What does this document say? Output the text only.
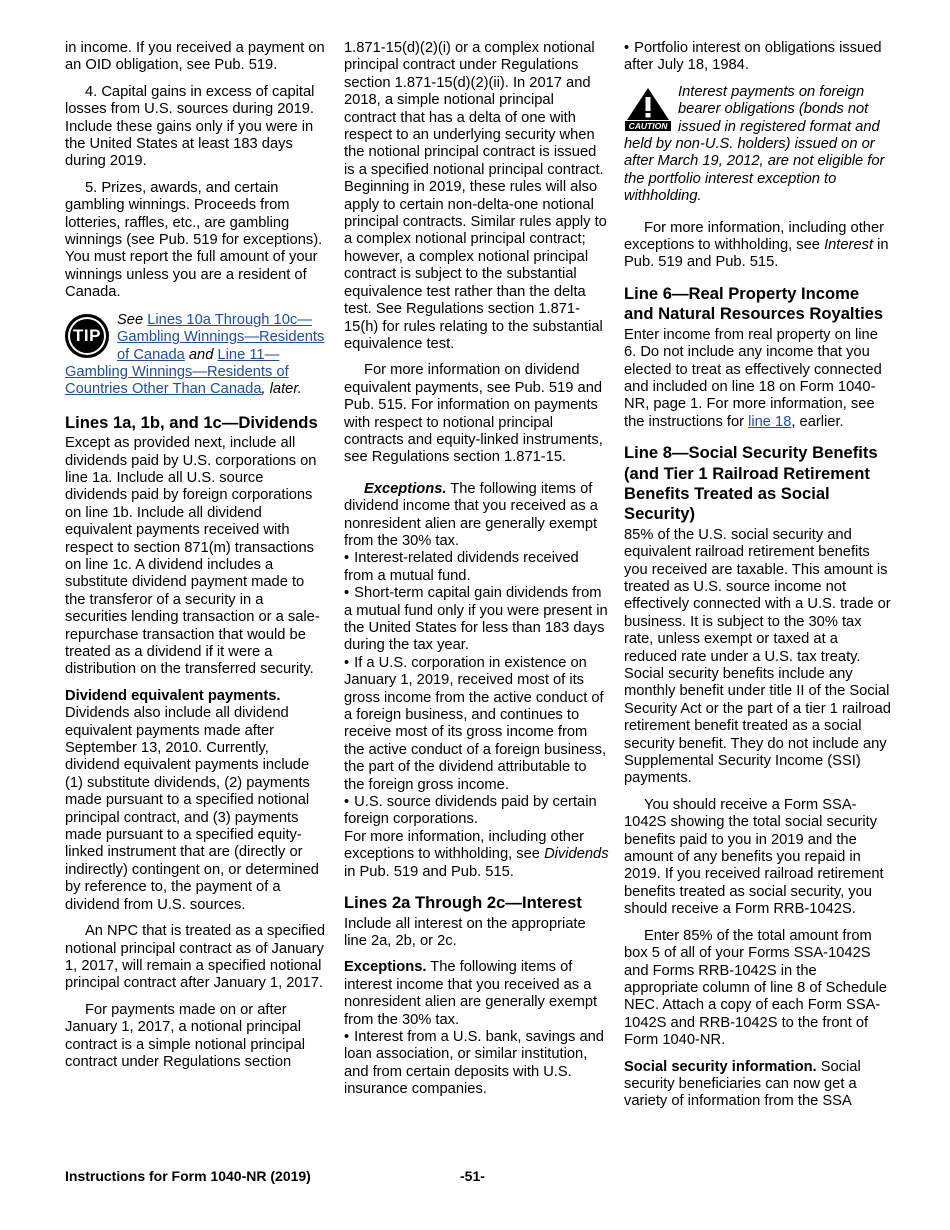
in income. If you received a payment on an OID obligation, see Pub. 519.

4. Capital gains in excess of capital losses from U.S. sources during 2019. Include these gains only if you were in the United States at least 183 days during 2019.

5. Prizes, awards, and certain gambling winnings. Proceeds from lotteries, raffles, etc., are gambling winnings (see Pub. 519 for exceptions). You must report the full amount of your winnings unless you are a resident of Canada.

TIP
See Lines 10a Through 10c—Gambling Winnings—Residents of Canada and Line 11—Gambling Winnings—Residents of Countries Other Than Canada, later.
Lines 1a, 1b, and 1c—Dividends

Except as provided next, include all dividends paid by U.S. corporations on line 1a. Include all U.S. source dividends paid by foreign corporations on line 1b. Include all dividend equivalent payments received with respect to section 871(m) transactions on line 1c. A dividend includes a substitute dividend payment made to the transferor of a security in a securities lending transaction or a sale-repurchase transaction that would be treated as a dividend if it were a distribution on the transferred security.

Dividend equivalent payments.
Dividends also include all dividend equivalent payments made after September 13, 2010. Currently, dividend equivalent payments include (1) substitute dividends, (2) payments made pursuant to a specified notional principal contract, and (3) payments made pursuant to a specified equity-linked instrument that are (directly or indirectly) contingent on, or determined by reference to, the payment of a dividend from U.S. sources.

An NPC that is treated as a specified notional principal contract as of January 1, 2017, will remain a specified notional principal contract after January 1, 2017.

For payments made on or after January 1, 2017, a notional principal contract is a simple notional principal contract under Regulations section

1.871-15(d)(2)(i) or a complex notional principal contract under Regulations section 1.871-15(d)(2)(ii). In 2017 and 2018, a simple notional principal contract that has a delta of one with respect to an underlying security when the notional principal contract is issued is a specified notional principal contract. Beginning in 2019, these rules will also apply to certain non-delta-one notional principal contracts. Similar rules apply to a complex notional principal contract; however, a complex notional principal contract is subject to the substantial equivalence test rather than the delta test. See Regulations section 1.871-15(h) for rules relating to the substantial equivalence test.

For more information on dividend equivalent payments, see Pub. 519 and Pub. 515. For information on payments with respect to notional principal contracts and equity-linked instruments, see Regulations section 1.871-15.

Exceptions. The following items of dividend income that you received as a nonresident alien are generally exempt from the 30% tax.

• Interest-related dividends received from a mutual fund.

• Short-term capital gain dividends from a mutual fund only if you were present in the United States for less than 183 days during the tax year.

• If a U.S. corporation in existence on January 1, 2019, received most of its gross income from the active conduct of a foreign business, and continues to receive most of its gross income from the active conduct of a foreign business, the part of the dividend attributable to the foreign gross income.

• U.S. source dividends paid by certain foreign corporations.

For more information, including other exceptions to withholding, see Dividends in Pub. 519 and Pub. 515.

Lines 2a Through 2c—Interest

Include all interest on the appropriate line 2a, 2b, or 2c.

Exceptions. The following items of interest income that you received as a nonresident alien are generally exempt from the 30% tax.

• Interest from a U.S. bank, savings and loan association, or similar institution, and from certain deposits with U.S. insurance companies.

• Portfolio interest on obligations issued after July 18, 1984.

CAUTION
Interest payments on foreign bearer obligations (bonds not issued in registered format and held by non-U.S. holders) issued on or after March 19, 2012, are not eligible for the portfolio interest exception to withholding.

For more information, including other exceptions to withholding, see Interest in Pub. 519 and Pub. 515.

Line 6—Real Property Income and Natural Resources Royalties

Enter income from real property on line 6. Do not include any income that you elected to treat as effectively connected and included on line 18 on Form 1040-NR, page 1. For more information, see the instructions for line 18, earlier.

Line 8—Social Security Benefits (and Tier 1 Railroad Retirement Benefits Treated as Social Security)

85% of the U.S. social security and equivalent railroad retirement benefits you received are taxable. This amount is treated as U.S. source income not effectively connected with a U.S. trade or business. It is subject to the 30% tax rate, unless exempt or taxed at a reduced rate under a U.S. tax treaty. Social security benefits include any monthly benefit under title II of the Social Security Act or the part of a tier 1 railroad retirement benefit treated as a social security benefit. They do not include any Supplemental Security Income (SSI) payments.

You should receive a Form SSA-1042S showing the total social security benefits paid to you in 2019 and the amount of any benefits you repaid in 2019. If you received railroad retirement benefits treated as social security, you should receive a Form RRB-1042S.

Enter 85% of the total amount from box 5 of all of your Forms SSA-1042S and Forms RRB-1042S in the appropriate column of line 8 of Schedule NEC. Attach a copy of each Form SSA-1042S and RRB-1042S to the front of Form 1040-NR.

Social security information. Social security beneficiaries can now get a variety of information from the SSA

Instructions for Form 1040-NR (2019)	-51-
